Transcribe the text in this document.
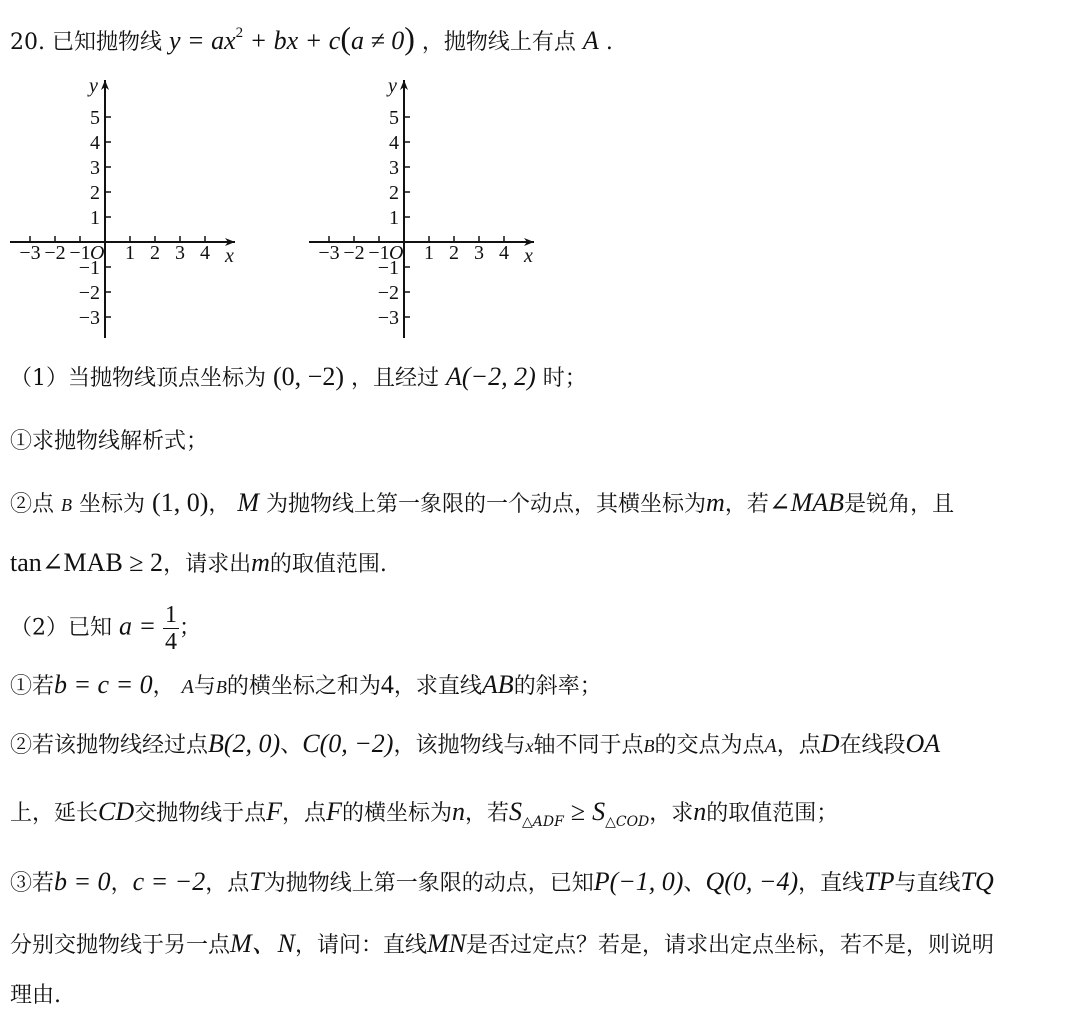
20. 已知抛物线 $y = ax^2$ + bx + c(a ≠ 0) ，抛物线上有点 A .
−3 −2 −1 1 2 3 4
5
4
3
2
1
−1
−2
−3
O	x
y
−3 −2 −1 1 2 3 4
5
4
3
2
1
−1
−2
−3
O	x
y
（1）当抛物线顶点坐标为 (0, −2) ，且经过 A(−2, 2) 时；
①求抛物线解析式；
②点 B 坐标为 (1, 0)， M 为抛物线上第一象限的一个动点，其横坐标为m，若∠MAB是锐角，且
tan∠MAB ≥ 2，请求出m的取值范围.
（2）已知 $a = \frac{1}{4}$ ；
①若b = c = 0， A与B的横坐标之和为4，求直线AB的斜率；
②若该抛物线经过点B(2, 0)、C(0, −2)，该抛物线与x轴不同于点B的交点为点A，点D在线段OA
上，延长CD交抛物线于点F，点F的横坐标为n，若$S_{\triangle ADF} \ge S_{\triangle COD}$，求n的取值范围；
③若b = 0，c = −2，点T为抛物线上第一象限的动点，已知P(−1, 0)、Q(0, −4)，直线TP与直线TQ
分别交抛物线于另一点M、N，请问：直线MN是否过定点？若是，请求出定点坐标，若不是，则说明
理由.
